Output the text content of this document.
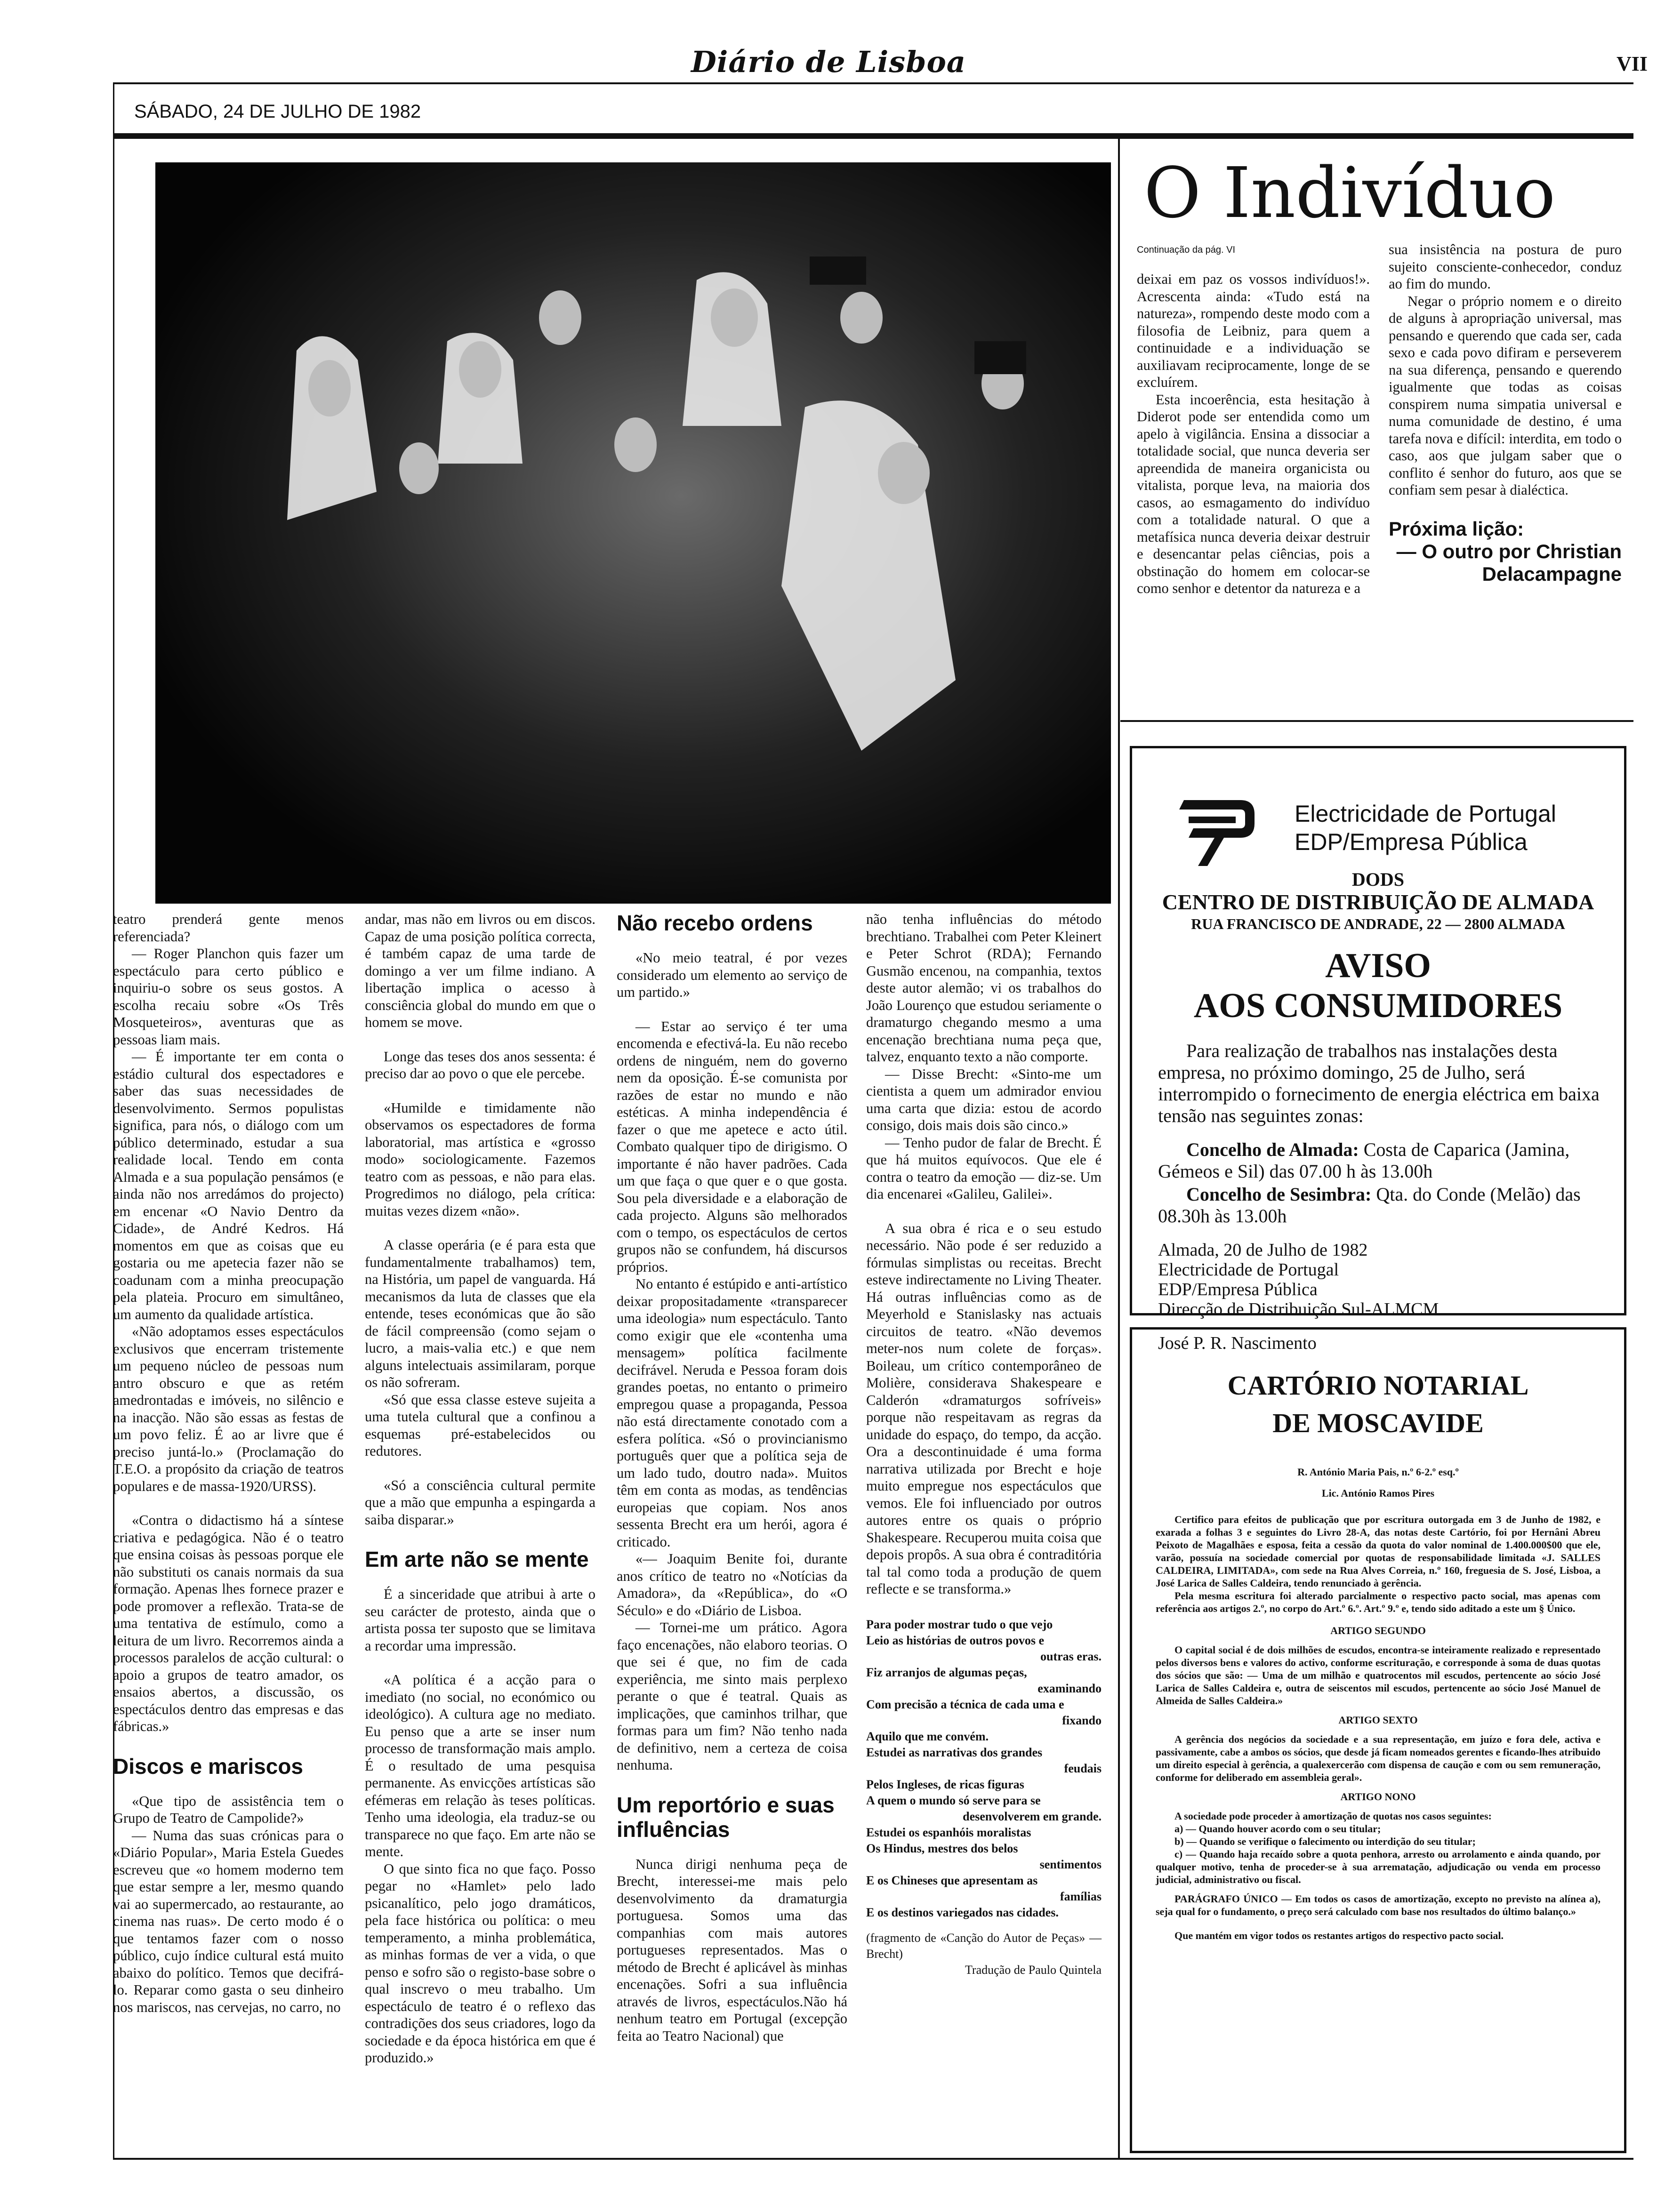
Diário de Lisboa	VII
SÁBADO, 24 DE JULHO DE 1982
O Indivíduo
Continuação da pág. VI

deixai em paz os vossos indivíduos!». Acrescenta ainda: «Tudo está na natureza», rompendo deste modo com a filosofia de Leibniz, para quem a continuidade e a individuação se auxiliavam reciprocamente, longe de se excluírem.

Esta incoerência, esta hesitação à Diderot pode ser entendida como um apelo à vigilância. Ensina a dissociar a totalidade social, que nunca deveria ser apreendida de maneira organicista ou vitalista, porque leva, na maioria dos casos, ao esmagamento do indivíduo com a totalidade natural. O que a metafísica nunca deveria deixar destruir e desencantar pelas ciências, pois a obstinação do homem em colocar-se como senhor e detentor da natureza e a

sua insistência na postura de puro sujeito consciente-conhecedor, conduz ao fim do mundo.

Negar o próprio nomem e o direito de alguns à apropriação universal, mas pensando e querendo que cada ser, cada sexo e cada povo difiram e perseverem na sua diferença, pensando e querendo igualmente que todas as coisas conspirem numa simpatia universal e numa comunidade de destino, é uma tarefa nova e difícil: interdita, em todo o caso, aos que julgam saber que o conflito é senhor do futuro, aos que se confiam sem pesar à dialéctica.

Próxima lição:
— O outro por Christian Delacampagne

teatro prenderá gente menos referenciada?

— Roger Planchon quis fazer um espectáculo para certo público e inquiriu-o sobre os seus gostos. A escolha recaiu sobre «Os Três Mosqueteiros», aventuras que as pessoas liam mais.

— É importante ter em conta o estádio cultural dos espectadores e saber das suas necessidades de desenvolvimento. Sermos populistas significa, para nós, o diálogo com um público determinado, estudar a sua realidade local. Tendo em conta Almada e a sua população pensámos (e ainda não nos arredámos do projecto) em encenar «O Navio Dentro da Cidade», de André Kedros. Há momentos em que as coisas que eu gostaria ou me apetecia fazer não se coadunam com a minha preocupação pela plateia. Procuro em simultâneo, um aumento da qualidade artística.

«Não adoptamos esses espectáculos exclusivos que encerram tristemente um pequeno núcleo de pessoas num antro obscuro e que as retém amedrontadas e imóveis, no silêncio e na inacção. Não são essas as festas de um povo feliz. É ao ar livre que é preciso juntá-lo.» (Proclamação do T.E.O. a propósito da criação de teatros populares e de massa-1920/URSS).

«Contra o didactismo há a síntese criativa e pedagógica. Não é o teatro que ensina coisas às pessoas porque ele não substituti os canais normais da sua formação. Apenas lhes fornece prazer e pode promover a reflexão. Trata-se de uma tentativa de estímulo, como a leitura de um livro. Recorremos ainda a processos paralelos de acção cultural: o apoio a grupos de teatro amador, os ensaios abertos, a discussão, os espectáculos dentro das empresas e das fábricas.»

Discos e mariscos

«Que tipo de assistência tem o Grupo de Teatro de Campolide?»

— Numa das suas crónicas para o «Diário Popular», Maria Estela Guedes escreveu que «o homem moderno tem que estar sempre a ler, mesmo quando vai ao supermercado, ao restaurante, ao cinema nas ruas». De certo modo é o que tentamos fazer com o nosso público, cujo índice cultural está muito abaixo do político. Temos que decifrá-lo. Reparar como gasta o seu dinheiro nos mariscos, nas cervejas, no carro, no

andar, mas não em livros ou em discos. Capaz de uma posição política correcta, é também capaz de uma tarde de domingo a ver um filme indiano. A libertação implica o acesso à consciência global do mundo em que o homem se move.

Longe das teses dos anos sessenta: é preciso dar ao povo o que ele percebe.

«Humilde e timidamente não observamos os espectadores de forma laboratorial, mas artística e «grosso modo» sociologicamente. Fazemos teatro com as pessoas, e não para elas. Progredimos no diálogo, pela crítica: muitas vezes dizem «não».

A classe operária (e é para esta que fundamentalmente trabalhamos) tem, na História, um papel de vanguarda. Há mecanismos da luta de classes que ela entende, teses económicas que ão são de fácil compreensão (como sejam o lucro, a mais-valia etc.) e que nem alguns intelectuais assimilaram, porque os não sofreram.

«Só que essa classe esteve sujeita a uma tutela cultural que a confinou a esquemas pré-estabelecidos ou redutores.

«Só a consciência cultural permite que a mão que empunha a espingarda a saiba disparar.»

Em arte não se mente

É a sinceridade que atribui à arte o seu carácter de protesto, ainda que o artista possa ter suposto que se limitava a recordar uma impressão.

«A política é a acção para o imediato (no social, no económico ou ideológico). A cultura age no mediato. Eu penso que a arte se inser num processo de transformação mais amplo. É o resultado de uma pesquisa permanente. As envicções artísticas são efémeras em relação às teses políticas. Tenho uma ideologia, ela traduz-se ou transparece no que faço. Em arte não se mente.

O que sinto fica no que faço. Posso pegar no «Hamlet» pelo lado psicanalítico, pelo jogo dramáticos, pela face histórica ou política: o meu temperamento, a minha problemática, as minhas formas de ver a vida, o que penso e sofro são o registo-base sobre o qual inscrevo o meu trabalho. Um espectáculo de teatro é o reflexo das contradições dos seus criadores, logo da sociedade e da época histórica em que é produzido.»

Não recebo ordens

«No meio teatral, é por vezes considerado um elemento ao serviço de um partido.»

— Estar ao serviço é ter uma encomenda e efectivá-la. Eu não recebo ordens de ninguém, nem do governo nem da oposição. É-se comunista por razões de estar no mundo e não estéticas. A minha independência é fazer o que me apetece e acto útil. Combato qualquer tipo de dirigismo. O importante é não haver padrões. Cada um que faça o que quer e o que gosta. Sou pela diversidade e a elaboração de cada projecto. Alguns são melhorados com o tempo, os espectáculos de certos grupos não se confundem, há discursos próprios.

No entanto é estúpido e anti-artístico deixar propositadamente «transparecer uma ideologia» num espectáculo. Tanto como exigir que ele «contenha uma mensagem» política facilmente decifrável. Neruda e Pessoa foram dois grandes poetas, no entanto o primeiro empregou quase a propaganda, Pessoa não está directamente conotado com a esfera política. «Só o provincianismo português quer que a política seja de um lado tudo, doutro nada». Muitos têm em conta as modas, as tendências europeias que copiam. Nos anos sessenta Brecht era um herói, agora é criticado.

«— Joaquim Benite foi, durante anos crítico de teatro no «Notícias da Amadora», da «República», do «O Século» e do «Diário de Lisboa.

— Tornei-me um prático. Agora faço encenações, não elaboro teorias. O que sei é que, no fim de cada experiência, me sinto mais perplexo perante o que é teatral. Quais as implicações, que caminhos trilhar, que formas para um fim? Não tenho nada de definitivo, nem a certeza de coisa nenhuma.

Um reportório e suas influências

Nunca dirigi nenhuma peça de Brecht, interessei-me mais pelo desenvolvimento da dramaturgia portuguesa. Somos uma das companhias com mais autores portugueses representados. Mas o método de Brecht é aplicável às minhas encenações. Sofri a sua influência através de livros, espectáculos.Não há nenhum teatro em Portugal (excepção feita ao Teatro Nacional) que

não tenha influências do método brechtiano. Trabalhei com Peter Kleinert e Peter Schrot (RDA); Fernando Gusmão encenou, na companhia, textos deste autor alemão; vi os trabalhos do João Lourenço que estudou seriamente o dramaturgo chegando mesmo a uma encenação brechtiana numa peça que, talvez, enquanto texto a não comporte.

— Disse Brecht: «Sinto-me um cientista a quem um admirador enviou uma carta que dizia: estou de acordo consigo, dois mais dois são cinco.»

— Tenho pudor de falar de Brecht. É que há muitos equívocos. Que ele é contra o teatro da emoção — diz-se. Um dia encenarei «Galileu, Galilei».

A sua obra é rica e o seu estudo necessário. Não pode é ser reduzido a fórmulas simplistas ou receitas. Brecht esteve indirectamente no Living Theater. Há outras influências como as de Meyerhold e Stanislasky nas actuais circuitos de teatro. «Não devemos meter-nos num colete de forças». Boileau, um crítico contemporâneo de Molière, considerava Shakespeare e Calderón «dramaturgos sofríveis» porque não respeitavam as regras da unidade do espaço, do tempo, da acção. Ora a descontinuidade é uma forma narrativa utilizada por Brecht e hoje muito empregue nos espectáculos que vemos. Ele foi influenciado por outros autores entre os quais o próprio Shakespeare. Recuperou muita coisa que depois propôs. A sua obra é contraditória tal tal como toda a produção de quem reflecte e se transforma.»

Para poder mostrar tudo o que vejo

Leio as histórias de outros povos e

outras eras.

Fiz arranjos de algumas peças,

examinando

Com precisão a técnica de cada uma e

fixando

Aquilo que me convém.

Estudei as narrativas dos grandes

feudais

Pelos Ingleses, de ricas figuras

A quem o mundo só serve para se

desenvolverem em grande.

Estudei os espanhóis moralistas

Os Hindus, mestres dos belos

sentimentos

E os Chineses que apresentam as

famílias

E os destinos variegados nas cidades.

(fragmento de «Canção do Autor de Peças» — Brecht)

Tradução de Paulo Quintela

Electricidade de Portugal
EDP/Empresa Pública
DODS
CENTRO DE DISTRIBUIÇÃO DE ALMADA
RUA FRANCISCO DE ANDRADE, 22 — 2800 ALMADA
AVISO
AOS CONSUMIDORES
Para realização de trabalhos nas instalações desta empresa, no próximo domingo, 25 de Julho, será interrompido o fornecimento de energia eléctrica em baixa tensão nas seguintes zonas:
Concelho de Almada: Costa de Caparica (Jamina, Gémeos e Sil) das 07.00 h às 13.00h
Concelho de Sesimbra: Qta. do Conde (Melão) das 08.30h às 13.00h
Almada, 20 de Julho de 1982
Electricidade de Portugal
EDP/Empresa Pública
Direcção de Distribuição Sul-ALMCM
José P. R. Nascimento
CARTÓRIO NOTARIAL
DE MOSCAVIDE
R. António Maria Pais, n.º 6-2.º esq.º
Lic. António Ramos Pires

Certifico para efeitos de publicação que por escritura outorgada em 3 de Junho de 1982, e exarada a folhas 3 e seguintes do Livro 28-A, das notas deste Cartório, foi por Hernâni Abreu Peixoto de Magalhães e esposa, feita a cessão da quota do valor nominal de 1.400.000$00 que ele, varão, possuía na sociedade comercial por quotas de responsabilidade limitada «J. SALLES CALDEIRA, LIMITADA», com sede na Rua Alves Correia, n.º 160, freguesia de S. José, Lisboa, a José Larica de Salles Caldeira, tendo renunciado à gerência.

Pela mesma escritura foi alterado parcialmente o respectivo pacto social, mas apenas com referência aos artigos 2.º, no corpo do Art.º 6.º. Art.º 9.º e, tendo sido aditado a este um § Único.

ARTIGO SEGUNDO

O capital social é de dois milhões de escudos, encontra-se inteiramente realizado e representado pelos diversos bens e valores do activo, conforme escrituração, e corresponde à soma de duas quotas dos sócios que são: — Uma de um milhão e quatrocentos mil escudos, pertencente ao sócio José Larica de Salles Caldeira e, outra de seiscentos mil escudos, pertencente ao sócio José Manuel de Almeida de Salles Caldeira.»

ARTIGO SEXTO

A gerência dos negócios da sociedade e a sua representação, em juízo e fora dele, activa e passivamente, cabe a ambos os sócios, que desde já ficam nomeados gerentes e ficando-lhes atribuido um direito especial à gerência, a qualexercerão com dispensa de caução e com ou sem remuneração, conforme for deliberado em assembleia geral».

ARTIGO NONO

A sociedade pode proceder à amortização de quotas nos casos seguintes:

a) — Quando houver acordo com o seu titular;

b) — Quando se verifique o falecimento ou interdição do seu titular;

c) — Quando haja recaído sobre a quota penhora, arresto ou arrolamento e ainda quando, por qualquer motivo, tenha de proceder-se à sua arrematação, adjudicação ou venda em processo judicial, administrativo ou fiscal.

PARÁGRAFO ÚNICO — Em todos os casos de amortização, excepto no previsto na alínea a), seja qual for o fundamento, o preço será calculado com base nos resultados do último balanço.»

Que mantém em vigor todos os restantes artigos do respectivo pacto social.
